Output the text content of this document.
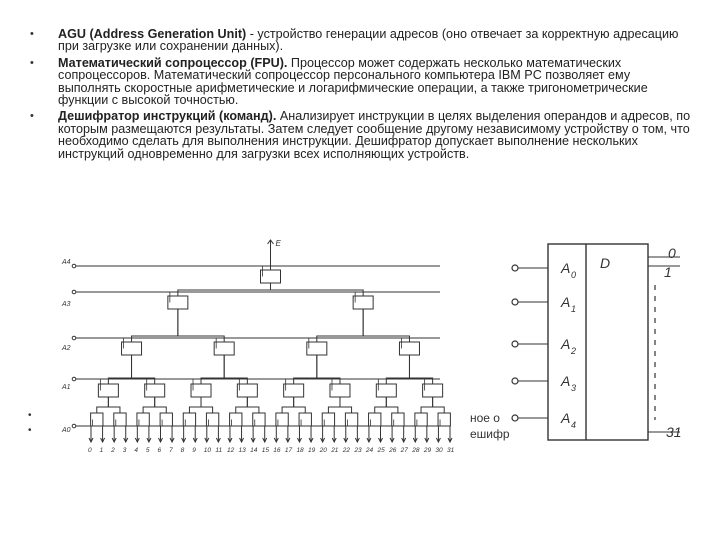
• AGU (Address Generation Unit) - устройство генерации адресов (оно отвечает за корректную адресацию при загрузке или сохранении данных).
• Математический сопроцессор (FPU). Процессор может содержать несколько математических сопроцессоров. Математический сопроцессор персонального компьютера IBM PC позволяет ему выполнять скоростные арифметические и логарифмические операции, а также тригонометрические функции с высокой точностью.
• Дешифратор инструкций (команд). Анализирует инструкции в целях выделения операндов и адресов, по которым размещаются результаты. Затем следует сообщение другому независимому устройству о том, что необходимо сделать для выполнения инструкции. Дешифратор допускает выполнение нескольких инструкций одновременно для загрузки всех исполняющих устройств.
•
•
ное о
ешифр
A4
E
A3
A2
A1
A0
0 1 2 3 4 5 6 7 8 9 10 11 12 13 14 15 16 17 18 19 20 21 22 23 24 25 26 27 28 29 30 31
D
A 0
A 1
A 2
A 3
A 4
0
1
31
